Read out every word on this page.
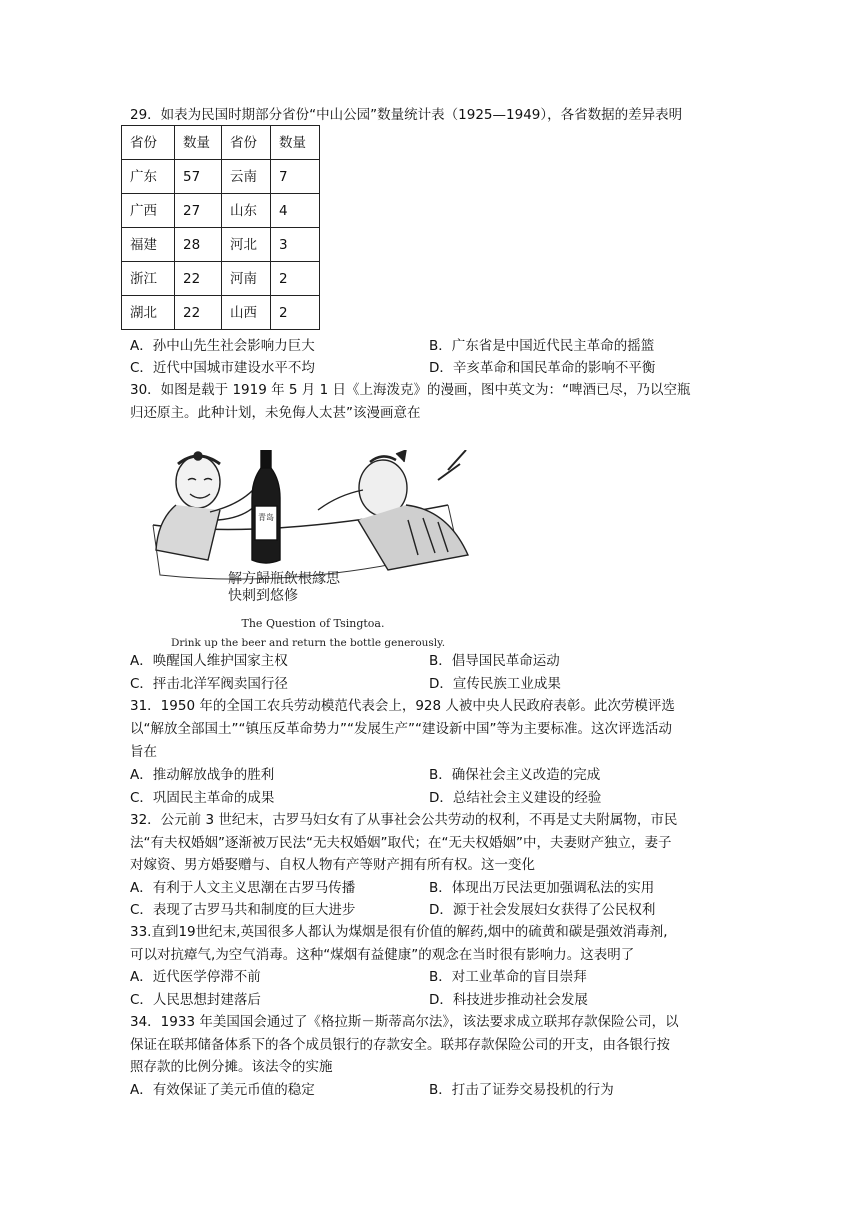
29．如表为民国时期部分省份“中山公园”数量统计表（1925—1949），各省数据的差异表明
省份	数量	省份	数量
广东	57	云南	7
广西	27	山东	4
福建	28	河北	3
浙江	22	河南	2
湖北	22	山西	2
A．孙中山先生社会影响力巨大	B．广东省是中国近代民主革命的摇篮
C．近代中国城市建设水平不均	D．辛亥革命和国民革命的影响不平衡
30．如图是载于 1919 年 5 月 1 日《上海泼克》的漫画，图中英文为：“啤酒已尽，乃以空瓶
归还原主。此种计划，未免侮人太甚”该漫画意在
青岛
解方歸瓶飲根緣思
快刺到悠修
The Question of Tsingtoa.
Drink up the beer and return the bottle generously.
A．唤醒国人维护国家主权	B．倡导国民革命运动
C．抨击北洋军阀卖国行径	D．宣传民族工业成果
31．1950 年的全国工农兵劳动模范代表会上，928 人被中央人民政府表彰。此次劳模评选
以“解放全部国土”“镇压反革命势力”“发展生产”“建设新中国”等为主要标准。这次评选活动
旨在
A．推动解放战争的胜利	B．确保社会主义改造的完成
C．巩固民主革命的成果	D．总结社会主义建设的经验
32．公元前 3 世纪末，古罗马妇女有了从事社会公共劳动的权利，不再是丈夫附属物，市民
法“有夫权婚姻”逐渐被万民法“无夫权婚姻”取代；在“无夫权婚姻”中，夫妻财产独立，妻子
对嫁资、男方婚娶赠与、自权人物有产等财产拥有所有权。这一变化
A．有利于人文主义思潮在古罗马传播	B．体现出万民法更加强调私法的实用
C．表现了古罗马共和制度的巨大进步	D．源于社会发展妇女获得了公民权利
33.直到19世纪末,英国很多人都认为煤烟是很有价值的解药,烟中的硫黄和碳是强效消毒剂,
可以对抗瘴气,为空气消毒。这种“煤烟有益健康”的观念在当时很有影响力。这表明了
A．近代医学停滞不前	B．对工业革命的盲目崇拜
C．人民思想封建落后	D．科技进步推动社会发展
34．1933 年美国国会通过了《格拉斯－斯蒂高尔法》，该法要求成立联邦存款保险公司，以
保证在联邦储备体系下的各个成员银行的存款安全。联邦存款保险公司的开支，由各银行按
照存款的比例分摊。该法令的实施
A．有效保证了美元币值的稳定	B．打击了证券交易投机的行为
